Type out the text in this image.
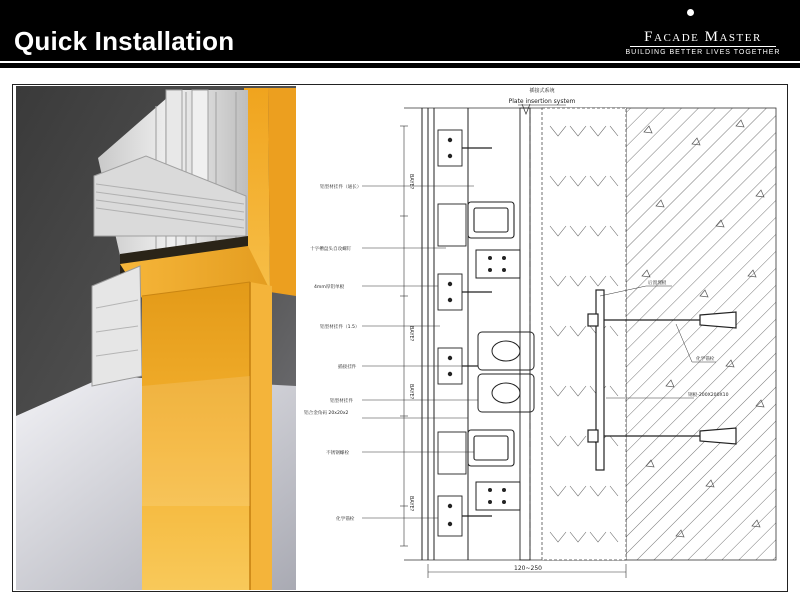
Quick Installation	Facade Master
BUILDING BETTER LIVES TOGETHER
插接式系统
Plate insertion system
BAYE?
BAYE?
BAYE?
BAYE?
铝型材挂件（通长）
十字槽盘头自攻螺钉
4mm厚铝单板
铝型材挂件（1.5）
插接挂件
铝型材挂件
铝合金角码 20x20x2
不锈钢螺栓
化学锚栓
后置埋板
化学锚栓
钢板-200X200X10
120~250
